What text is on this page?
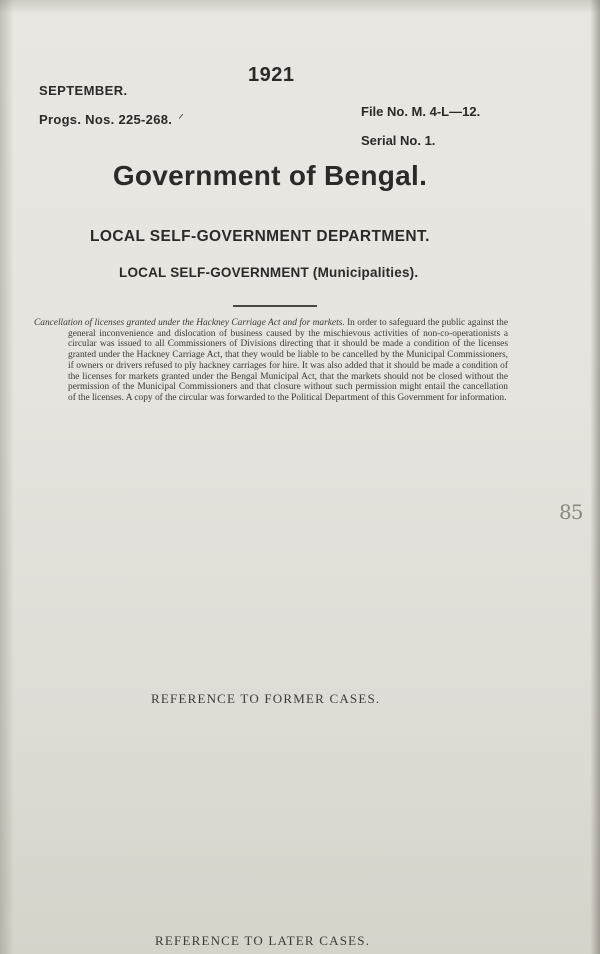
1921
SEPTEMBER.
Progs. Nos. 225-268. ᐟ
File No. M. 4-L—12.
Serial No. 1.
Government of Bengal.
LOCAL SELF-GOVERNMENT DEPARTMENT.
LOCAL SELF-GOVERNMENT (Municipalities).

Cancellation of licenses granted under the Hackney Carriage Act and for markets. In order to safeguard the public against the general inconvenience and dislocation of business caused by the mischievous activities of non-co-operationists a circular was issued to all Commissioners of Divisions directing that it should be made a condition of the licenses granted under the Hackney Carriage Act, that they would be liable to be cancelled by the Municipal Commissioners, if owners or drivers refused to ply hackney carriages for hire. It was also added that it should be made a condition of the licenses for markets granted under the Bengal Municipal Act, that the markets should not be closed without the permission of the Municipal Commissioners and that closure without such permission might entail the cancellation of the licenses. A copy of the circular was forwarded to the Political Department of this Government for information.

85
REFERENCE TO FORMER CASES.
REFERENCE TO LATER CASES.
